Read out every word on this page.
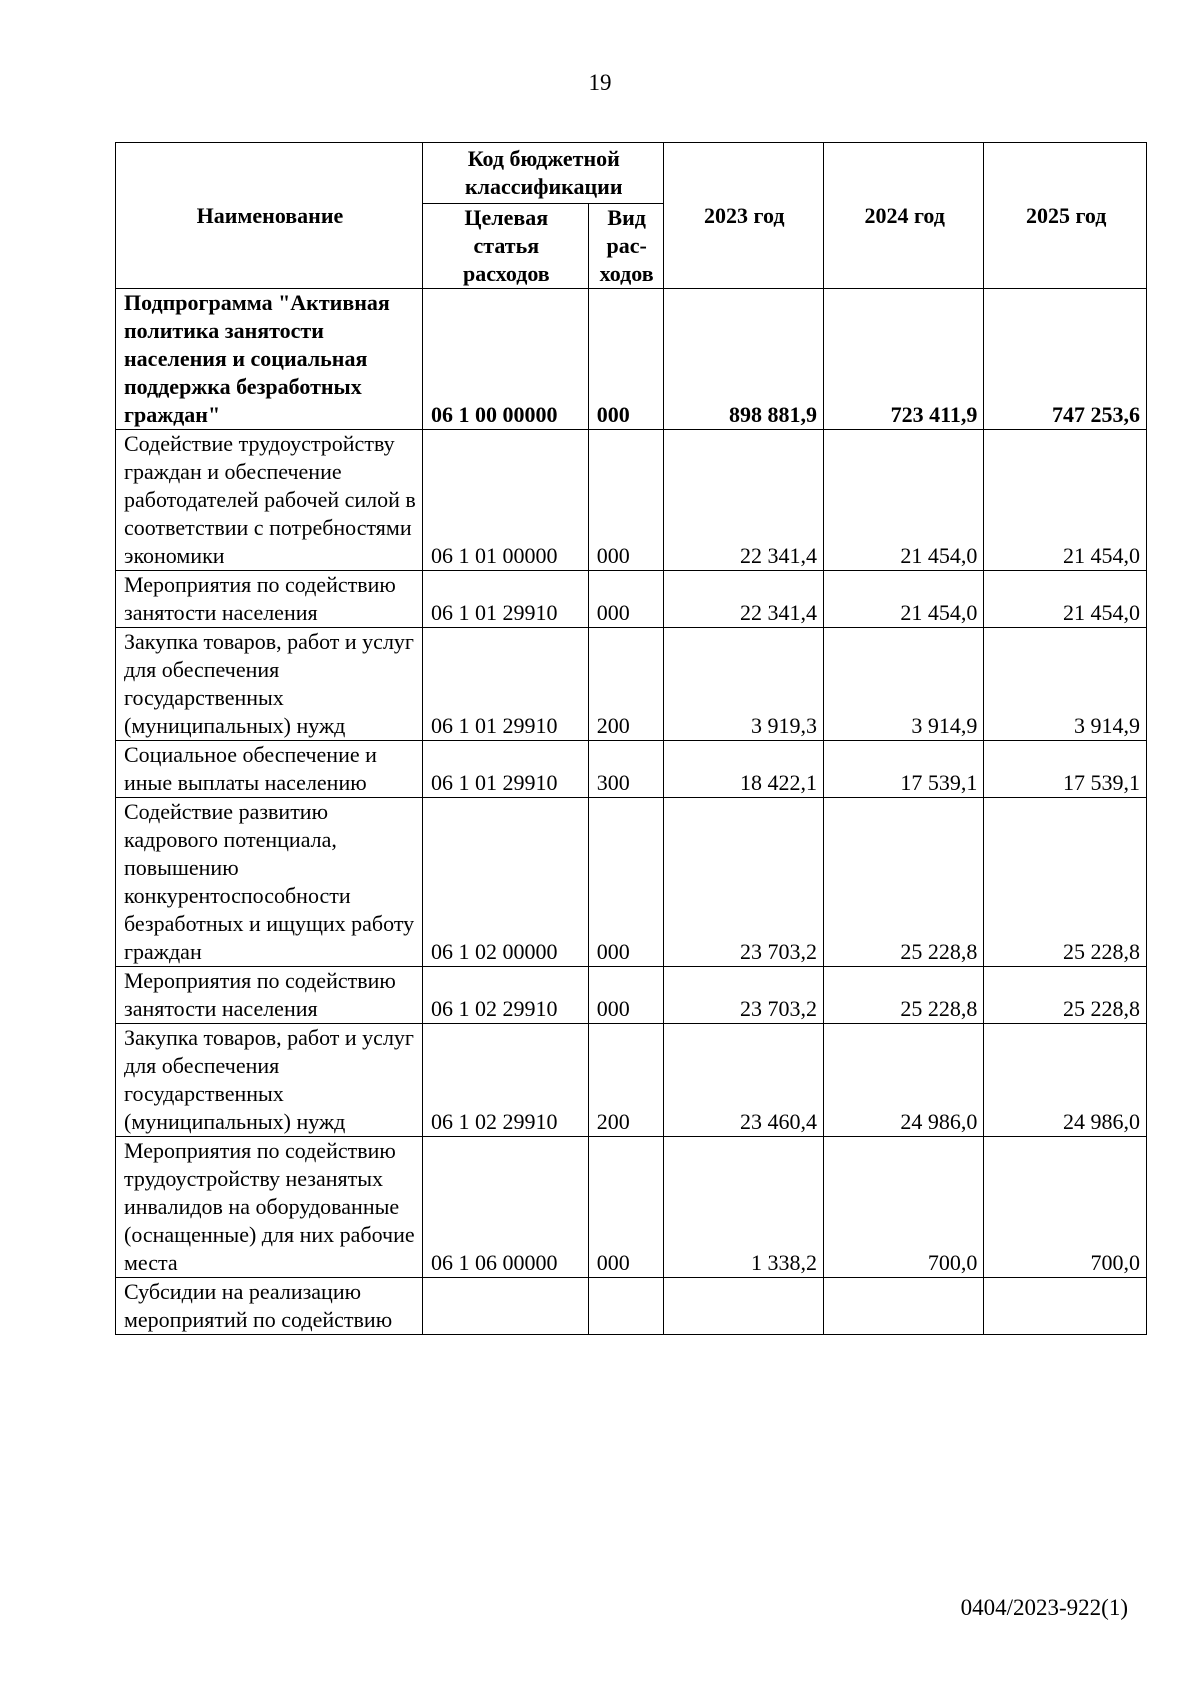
19
Наименование	Код бюджетной классификации		2023 год	2024 год	2025 год
	Целевая статья расходов	Вид рас-ходов			
Подпрограмма "Активная политика занятости населения и социальная поддержка безработных граждан"	06 1 00 00000	000	898 881,9	723 411,9	747 253,6
Содействие трудоустройству граждан и обеспечение работодателей рабочей силой в соответствии с потребностями экономики	06 1 01 00000	000	22 341,4	21 454,0	21 454,0
Мероприятия по содействию занятости населения	06 1 01 29910	000	22 341,4	21 454,0	21 454,0
Закупка товаров, работ и услуг для обеспечения государственных (муниципальных) нужд	06 1 01 29910	200	3 919,3	3 914,9	3 914,9
Социальное обеспечение и иные выплаты населению	06 1 01 29910	300	18 422,1	17 539,1	17 539,1
Содействие развитию кадрового потенциала, повышению конкурентоспособности безработных и ищущих работу граждан	06 1 02 00000	000	23 703,2	25 228,8	25 228,8
Мероприятия по содействию занятости населения	06 1 02 29910	000	23 703,2	25 228,8	25 228,8
Закупка товаров, работ и услуг для обеспечения государственных (муниципальных) нужд	06 1 02 29910	200	23 460,4	24 986,0	24 986,0
Мероприятия по содействию трудоустройству незанятых инвалидов на оборудованные (оснащенные) для них рабочие места	06 1 06 00000	000	1 338,2	700,0	700,0
Субсидии на реализацию мероприятий по содействию					
0404/2023-922(1)
